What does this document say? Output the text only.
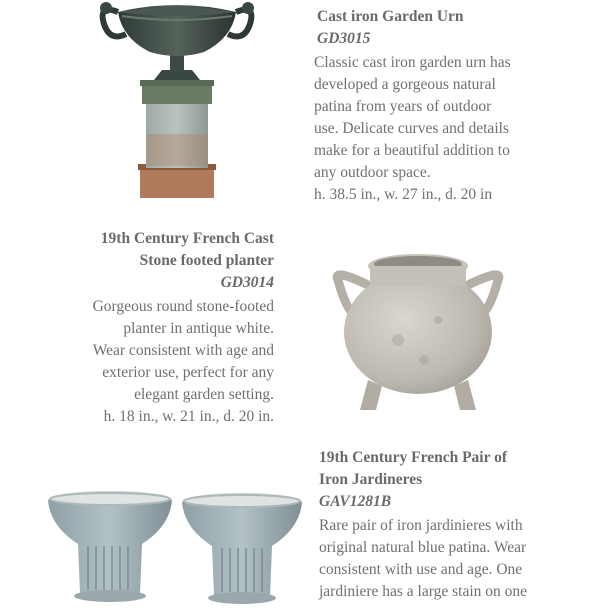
Cast iron Garden Urn
GD3015
Classic cast iron garden urn has
developed a gorgeous natural
patina from years of outdoor
use. Delicate curves and details
make for a beautiful addition to
any outdoor space.
h. 38.5 in., w. 27 in., d. 20 in
19th Century French Cast
Stone footed planter
GD3014
Gorgeous round stone-footed
planter in antique white.
Wear consistent with age and
exterior use, perfect for any
elegant garden setting.
h. 18 in., w. 21 in., d. 20 in.
19th Century French Pair of
Iron Jardineres
GAV1281B
Rare pair of iron jardinieres with
original natural blue patina. Wear
consistent with use and age. One
jardiniere has a large stain on one
